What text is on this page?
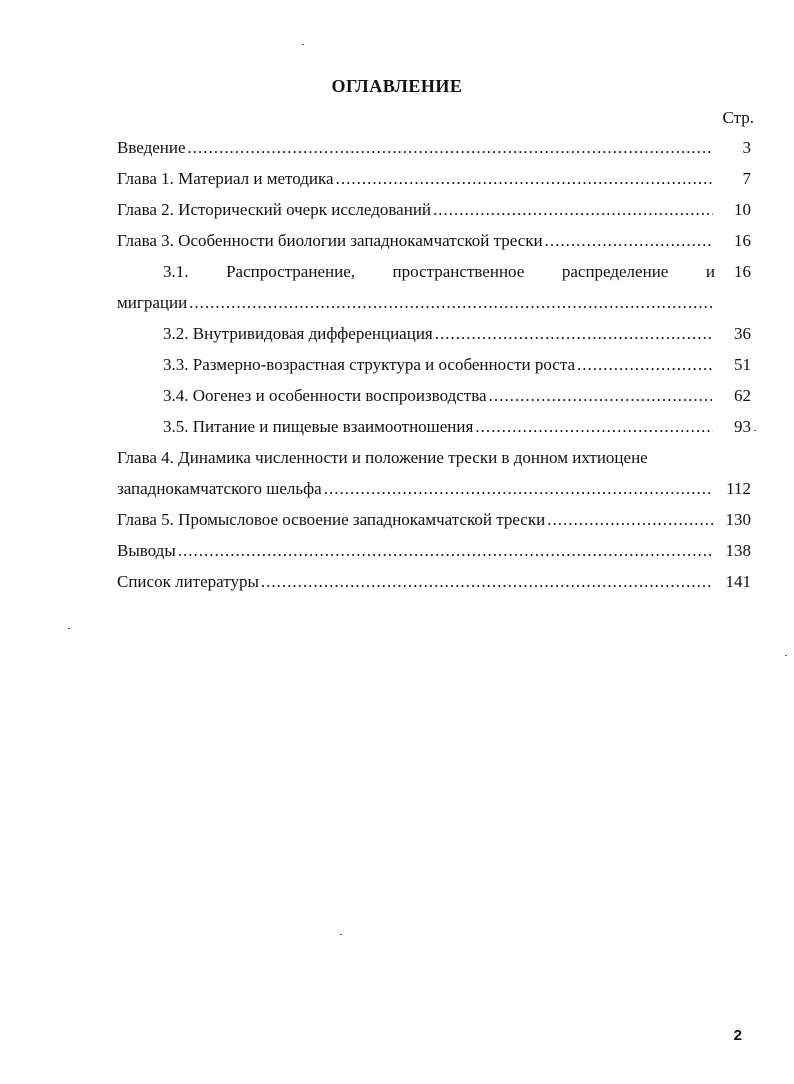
ОГЛАВЛЕНИЕ
Стр.
Введение .....	3
Глава 1. Материал и методика .....	7
Глава 2. Исторический очерк исследований .....	10
Глава 3. Особенности биологии западнокамчатской трески .....	16
3.1. Распространение, пространственное распределение и	16
миграции
.....
3.2. Внутривидовая дифференциация .....	36
3.3. Размерно-возрастная структура и особенности роста .....	51
3.4. Оогенез и особенности воспроизводства .....	62
3.5. Питание и пищевые взаимоотношения .....	93
Глава 4. Динамика численности и положение трески в донном ихтиоцене
западнокамчатского шельфа .....	112
Глава 5. Промысловое освоение западнокамчатской трески .....	130
Выводы .....	138
Список литературы .....	141
2
